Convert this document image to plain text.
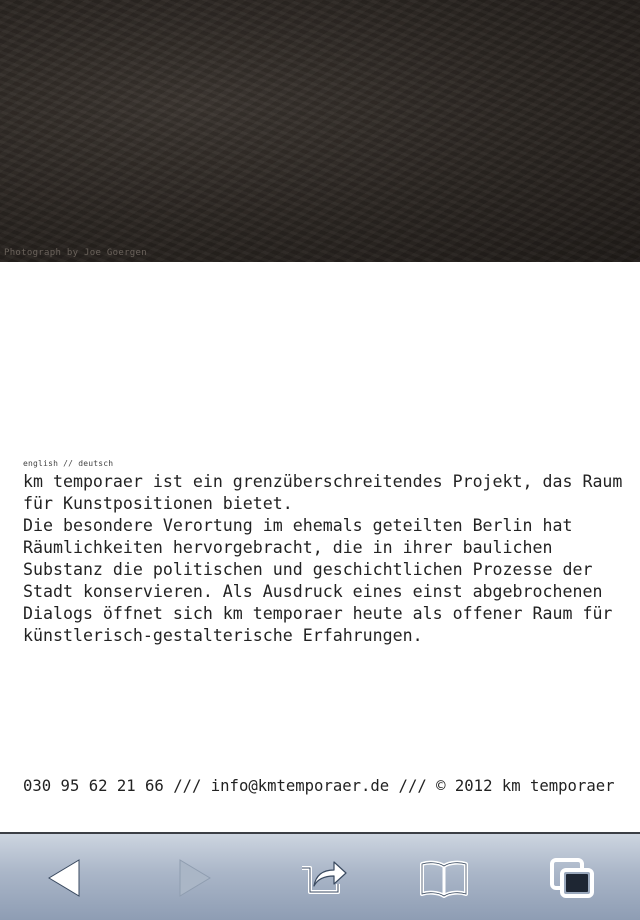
Photograph by Joe Goergen
english // deutsch

km temporaer ist ein grenzüberschreitendes Projekt, das Raum für Kunstpositionen bietet.

Die besondere Verortung im ehemals geteilten Berlin hat Räumlichkeiten hervorgebracht, die in ihrer baulichen Substanz die politischen und geschichtlichen Prozesse der Stadt konservieren. Als Ausdruck eines einst abgebrochenen Dialogs öffnet sich km temporaer heute als offener Raum für künstlerisch-gestalterische Erfahrungen.

030 95 62 21 66 /// info@kmtemporaer.de /// © 2012 km temporaer
